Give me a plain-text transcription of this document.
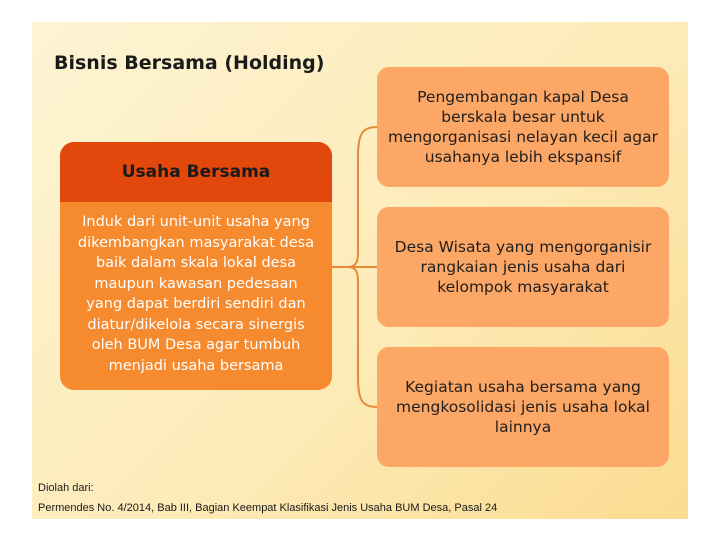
Bisnis Bersama (Holding)
Usaha Bersama
Induk dari unit-unit usaha yang dikembangkan masyarakat desa baik dalam skala lokal desa maupun kawasan pedesaan yang dapat berdiri sendiri dan diatur/dikelola secara sinergis oleh BUM Desa agar tumbuh menjadi usaha bersama
Pengembangan kapal Desa berskala besar untuk mengorganisasi nelayan kecil agar usahanya lebih ekspansif
Desa Wisata yang mengorganisir rangkaian jenis usaha dari kelompok masyarakat
Kegiatan usaha bersama yang mengkosolidasi jenis usaha lokal lainnya
Diolah dari:
Permendes No. 4/2014, Bab III, Bagian Keempat Klasifikasi Jenis Usaha BUM Desa, Pasal 24
